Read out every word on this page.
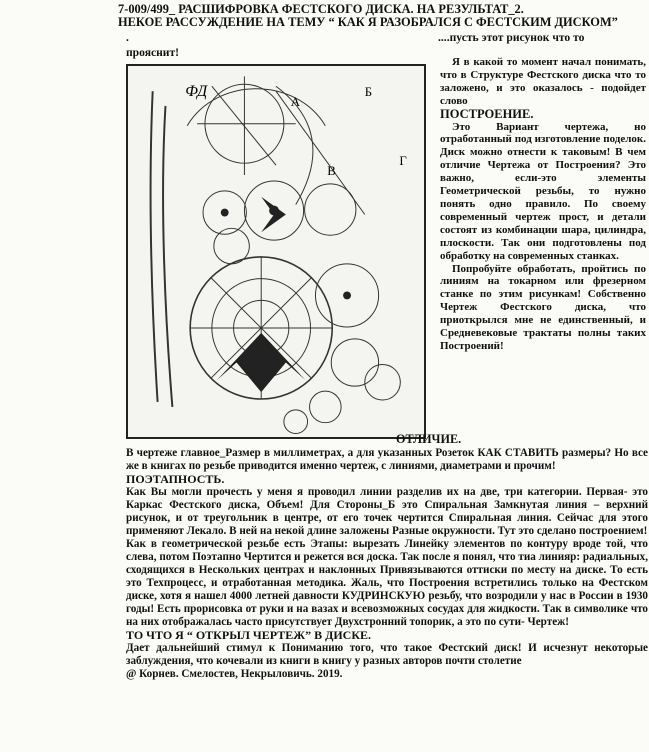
7-009/499_ РАСШИФРОВКА ФЕСТСКОГО ДИСКА. НА РЕЗУЛЬТАТ_2.
НЕКОЕ РАССУЖДЕНИЕ НА ТЕМУ “ КАК Я РАЗОБРАЛСЯ С ФЕСТСКИМ ДИСКОМ”
.	....пусть этот рисунок что то
прояснит!
ФД
А
Б
Г
В

Я в какой то момент начал понимать, что в Структуре Фестского диска что то заложено, и это оказалось - подойдет слово

ПОСТРОЕНИЕ.

Это Вариант чертежа, но отработанный под изготовление поделок. Диск можно отнести к таковым! В чем отличие Чертежа от Построения? Это важно, если-это элементы Геометрической резьбы, то нужно понять одно правило. По своему современный чертеж прост, и детали состоят из комбинации шара, цилиндра, плоскости. Так они подготовлены под обработку на современных станках.

Попробуйте обработать, пройтись по линиям на токарном или фрезерном станке по этим рисункам! Собственно Чертеж Фестского диска, что приоткрылся мне не единственный, и Средневековые трактаты полны таких Построений!

ОТЛИЧИЕ.

В чертеже главное_Размер в миллиметрах, а для указанных Розеток КАК СТАВИТЬ размеры? Но все же в книгах по резьбе приводится именно чертеж, с линиями, диаметрами и прочим!

ПОЭТАПНОСТЬ.

Как Вы могли прочесть у меня я проводил линии разделив их на две, три категории. Первая- это Каркас Фестского диска, Объем! Для Стороны_Б это Спиральная Замкнутая линия – верхний рисунок, и от треугольник в центре, от его точек чертится Спиральная линия. Сейчас для этого применяют Лекало. В ней на некой длине заложены Разные окружности. Тут это сделано построением!

Как в геометрической резьбе есть Этапы: вырезать Линейку элементов по контуру вроде той, что слева, потом Поэтапно Чертится и режется вся доска. Так после я понял, что тиа линияр: радиальных, сходящихся в Нескольких центрах и наклонных Привязываются оттиски по месту на диске. То есть это Техпроцесс, и отработанная методика. Жаль, что Построения встретились только на Фестском диске, хотя я нашел 4000 летней давности КУДРИНСКУЮ резьбу, что возродили у нас в России в 1930 годы! Есть прорисовка от руки и на вазах и всевозможных сосудах для жидкости. Так в символике что на них отображалась часто присутствует Двухстронний топорик, а это по сути- Чертеж!

ТО ЧТО Я “ ОТКРЫЛ ЧЕРТЕЖ” В ДИСКЕ.

Дает дальнейший стимул к Пониманию того, что такое Фестский диск! И исчезнут некоторые заблуждения, что кочевали из книги в книгу у разных авторов почти столетие

@ Корнев. Смелостев, Некрыловичь. 2019.
